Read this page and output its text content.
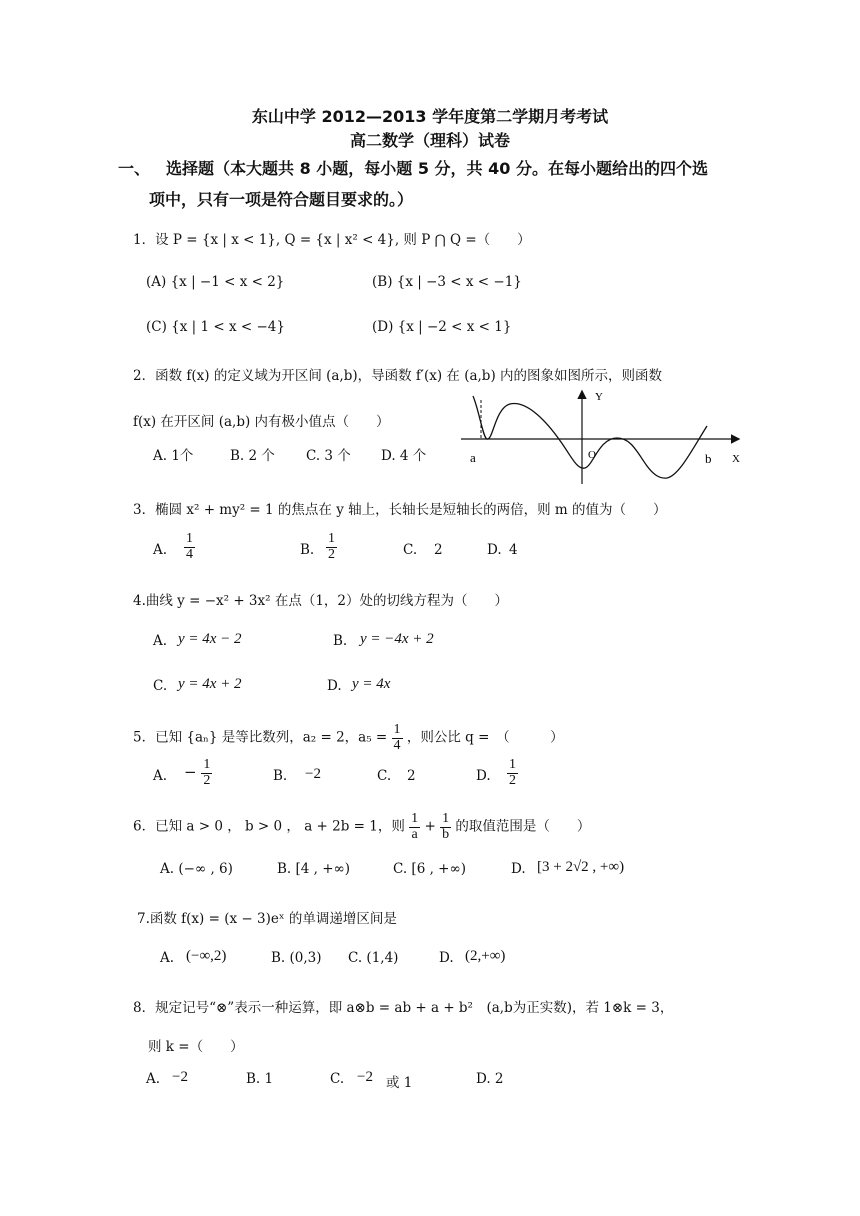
东山中学 2012—2013 学年度第二学期月考考试
高二数学（理科）试卷
一、 选择题（本大题共 8 小题，每小题 5 分，共 40 分。在每小题给出的四个选
项中，只有一项是符合题目要求的。）
1．设 P = {x | x < 1}, Q = {x | x² < 4}, 则 P ⋂ Q =（　　）
(A) {x | −1 < x < 2}	(B) {x | −3 < x < −1}
(C) {x | 1 < x < −4}	(D) {x | −2 < x < 1}
2．函数 f(x) 的定义域为开区间 (a,b)，导函数 f′(x) 在 (a,b) 内的图象如图所示，则函数
f(x) 在开区间 (a,b) 内有极小值点（　　）
A. 1个	B. 2 个 C. 3 个 D. 4 个
Y
X
O
a	b
3．椭圆 x² + my² = 1 的焦点在 y 轴上，长轴长是短轴长的两倍，则 m 的值为（　　）
A. $\frac{1}{4}$	B. $\frac{1}{2}$	C. 2	D. 4
4.曲线 y = −x² + 3x² 在点（1，2）处的切线方程为（　　）
A. y = 4x − 2	B. y = −4x + 2
C. y = 4x + 2	D. y = 4x
5．已知 {aₙ} 是等比数列，a₂ = 2，$a_5 = \frac{1}{4}$ ，则公比 q =　（　　　）
A. − $\frac{1}{2}$	B. −2	C. 2	D. $\frac{1}{2}$
6．已知 a > 0 ， b > 0 ， a + 2b = 1，则 $\frac{1}{a} + \frac{1}{b}$ 的取值范围是（　　）
A. (−∞ , 6)	B. [4 , +∞)	C. [6 , +∞)	D. [3 + 2√2 , +∞)
7.函数 f(x) = (x − 3)eˣ 的单调递增区间是
A. (−∞,2)	B. (0,3) C. (1,4)	D. (2,+∞)
8．规定记号“⊗”表示一种运算，即 a⊗b = ab + a + b²　(a,b为正实数)，若 1⊗k = 3，
则 k =（　　）
A. −2	B. 1	C. −2 或 1	D. 2
